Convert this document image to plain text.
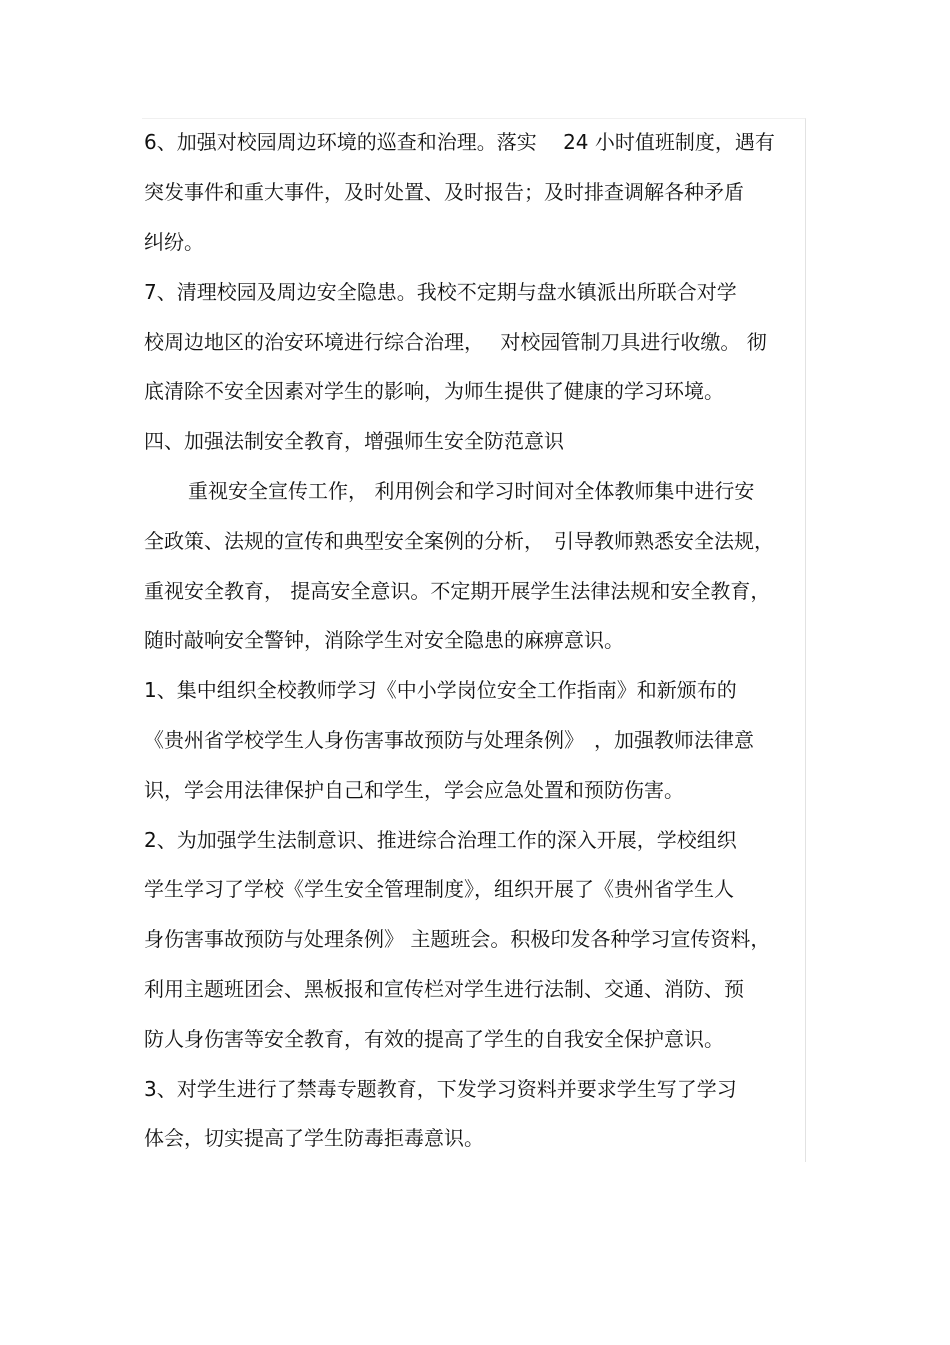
6、加强对校园周边环境的巡查和治理。落实　 24 小时值班制度，遇有
突发事件和重大事件，及时处置、及时报告；及时排查调解各种矛盾
纠纷。
7、清理校园及周边安全隐患。我校不定期与盘水镇派出所联合对学
校周边地区的治安环境进行综合治理，　 对校园管制刀具进行收缴。 彻
底清除不安全因素对学生的影响，为师生提供了健康的学习环境。
四、加强法制安全教育，增强师生安全防范意识
重视安全宣传工作， 利用例会和学习时间对全体教师集中进行安
全政策、法规的宣传和典型安全案例的分析，　引导教师熟悉安全法规，
重视安全教育， 提高安全意识。不定期开展学生法律法规和安全教育，
随时敲响安全警钟，消除学生对安全隐患的麻痹意识。
1、集中组织全校教师学习《中小学岗位安全工作指南》和新颁布的
《贵州省学校学生人身伤害事故预防与处理条例》　，加强教师法律意
识，学会用法律保护自己和学生，学会应急处置和预防伤害。
2、为加强学生法制意识、推进综合治理工作的深入开展，学校组织
学生学习了学校《学生安全管理制度》，组织开展了《贵州省学生人
身伤害事故预防与处理条例》 主题班会。积极印发各种学习宣传资料，
利用主题班团会、黑板报和宣传栏对学生进行法制、交通、消防、预
防人身伤害等安全教育，有效的提高了学生的自我安全保护意识。
3、对学生进行了禁毒专题教育，下发学习资料并要求学生写了学习
体会，切实提高了学生防毒拒毒意识。
